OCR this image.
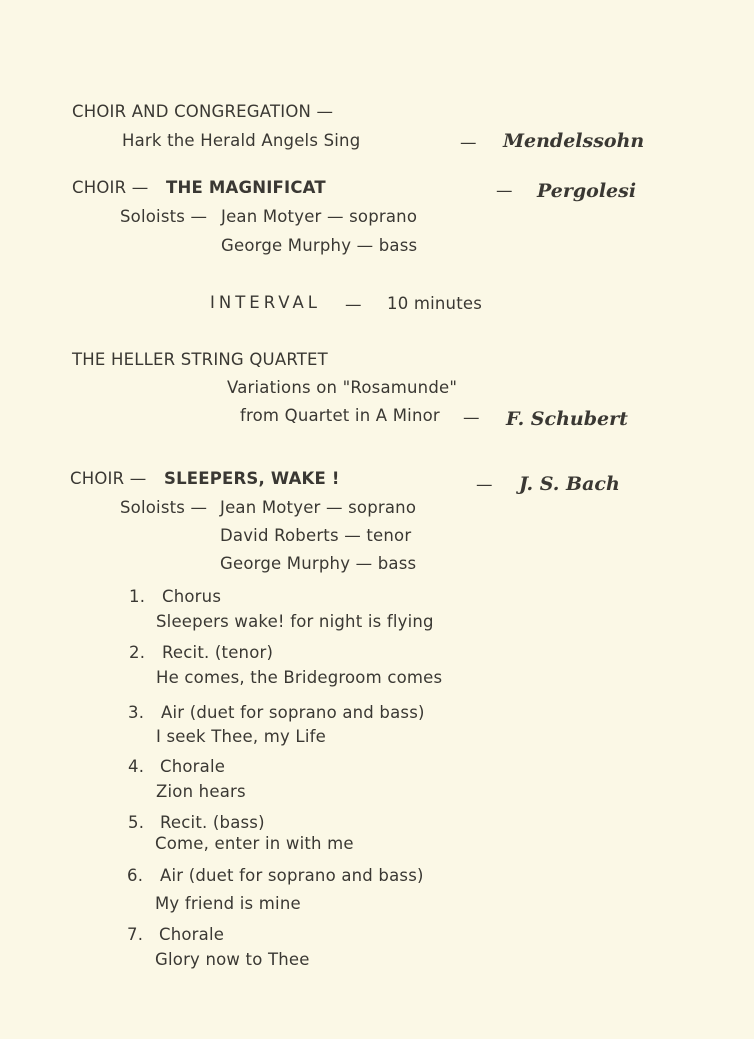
CHOIR AND CONGREGATION —
Hark the Herald Angels Sing	— Mendelssohn
CHOIR — THE MAGNIFICAT	— Pergolesi
Soloists — Jean Motyer — soprano
George Murphy — bass
INTERVAL — 10 minutes
THE HELLER STRING QUARTET
Variations on "Rosamunde"
from Quartet in A Minor — F. Schubert
CHOIR — SLEEPERS, WAKE !	— J. S. Bach
Soloists — Jean Motyer — soprano
David Roberts — tenor
George Murphy — bass
1. Chorus
Sleepers wake! for night is flying
2. Recit. (tenor)
He comes, the Bridegroom comes
3. Air (duet for soprano and bass)
I seek Thee, my Life
4. Chorale
Zion hears
5. Recit. (bass)
Come, enter in with me
6. Air (duet for soprano and bass)
My friend is mine
7. Chorale
Glory now to Thee
